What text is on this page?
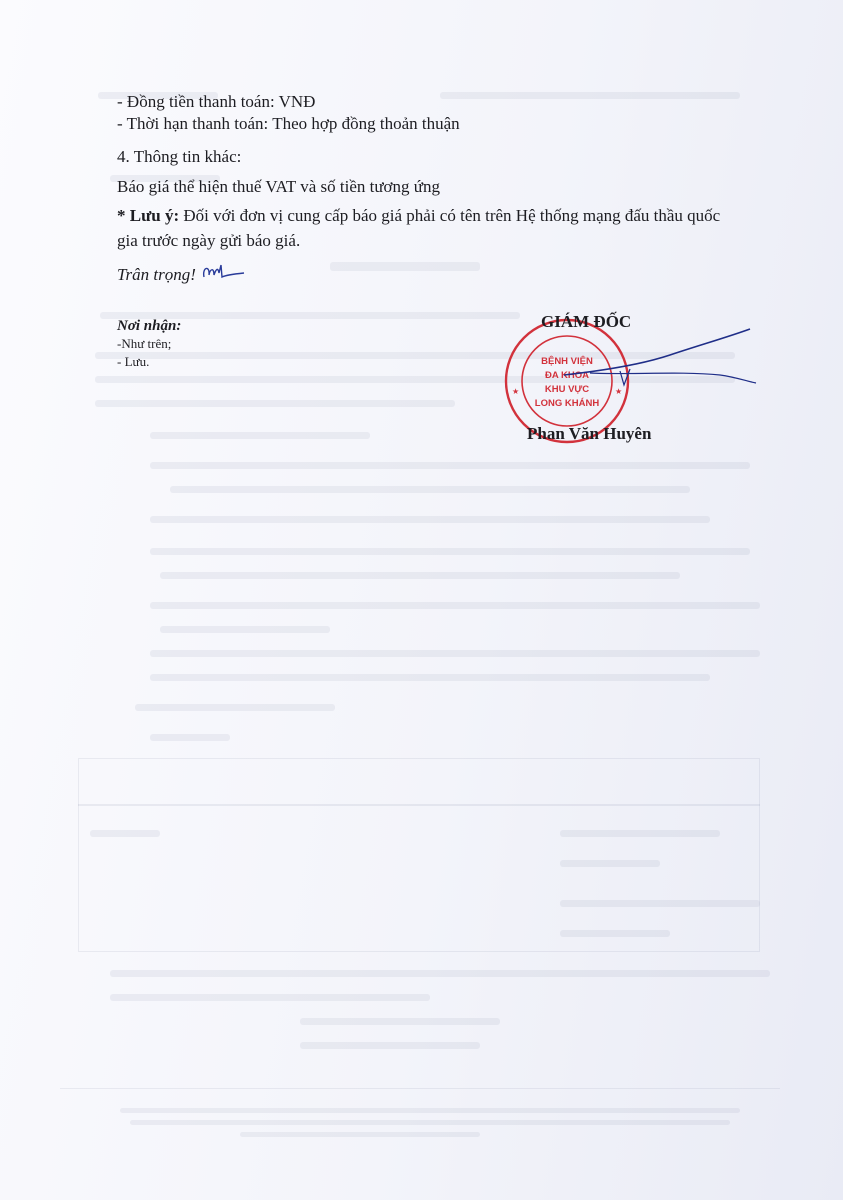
- Đồng tiền thanh toán: VNĐ
- Thời hạn thanh toán: Theo hợp đồng thoản thuận
4. Thông tin khác:
Báo giá thể hiện thuế VAT và số tiền tương ứng
* Lưu ý: Đối với đơn vị cung cấp báo giá phải có tên trên Hệ thống mạng đấu thầu quốc gia trước ngày gửi báo giá.
Trân trọng!
Nơi nhận:
-Như trên;
- Lưu.
★	★
BỆNH VIỆN
ĐA KHOA
KHU VỰC
LONG KHÁNH
GIÁM ĐỐC
Phan Văn Huyên
